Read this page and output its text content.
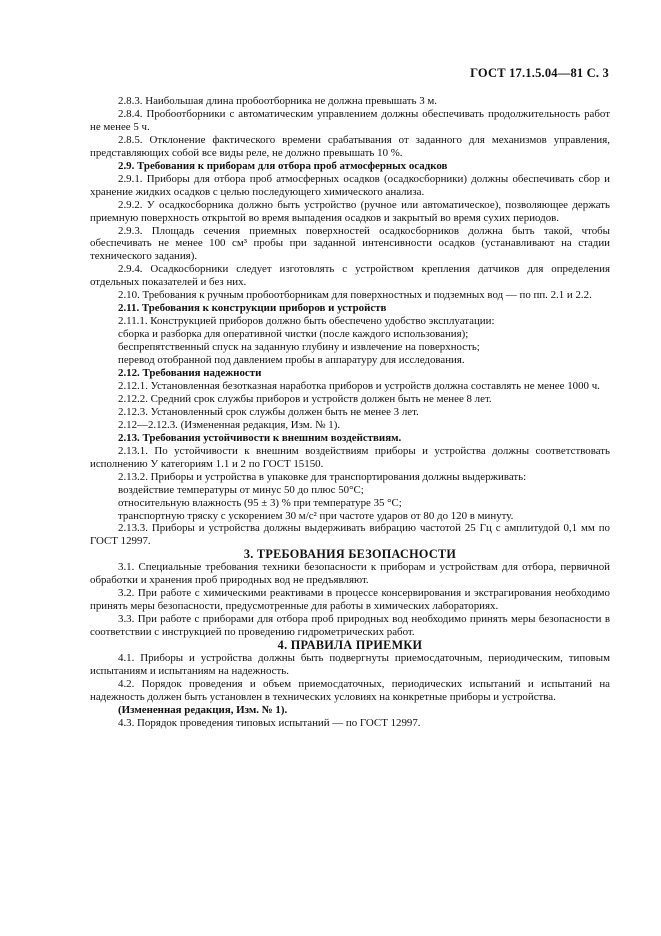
ГОСТ 17.1.5.04—81 С. 3

2.8.3. Наибольшая длина пробоотборника не должна превышать 3 м.

2.8.4. Пробоотборники с автоматическим управлением должны обеспечивать продолжительность работ не менее 5 ч.

2.8.5. Отклонение фактического времени срабатывания от заданного для механизмов управления, представляющих собой все виды реле, не должно превышать 10 %.

2.9. Требования к приборам для отбора проб атмосферных осадков

2.9.1. Приборы для отбора проб атмосферных осадков (осадкосборники) должны обеспечивать сбор и хранение жидких осадков с целью последующего химического анализа.

2.9.2. У осадкосборника должно быть устройство (ручное или автоматическое), позволяющее держать приемную поверхность открытой во время выпадения осадков и закрытый во время сухих периодов.

2.9.3. Площадь сечения приемных поверхностей осадкосборников должна быть такой, чтобы обеспечивать не менее 100 см³ пробы при заданной интенсивности осадков (устанавливают на стадии технического задания).

2.9.4. Осадкосборники следует изготовлять с устройством крепления датчиков для определения отдельных показателей и без них.

2.10. Требования к ручным пробоотборникам для поверхностных и подземных вод — по пп. 2.1 и 2.2.

2.11. Требования к конструкции приборов и устройств

2.11.1. Конструкцией приборов должно быть обеспечено удобство эксплуатации:

сборка и разборка для оперативной чистки (после каждого использования);

беспрепятственный спуск на заданную глубину и извлечение на поверхность;

перевод отобранной под давлением пробы в аппаратуру для исследования.

2.12. Требования надежности

2.12.1. Установленная безотказная наработка приборов и устройств должна составлять не менее 1000 ч.

2.12.2. Средний срок службы приборов и устройств должен быть не менее 8 лет.

2.12.3. Установленный срок службы должен быть не менее 3 лет.

2.12—2.12.3. (Измененная редакция, Изм. № 1).

2.13. Требования устойчивости к внешним воздействиям.

2.13.1. По устойчивости к внешним воздействиям приборы и устройства должны соответствовать исполнению У категориям 1.1 и 2 по ГОСТ 15150.

2.13.2. Приборы и устройства в упаковке для транспортирования должны выдерживать:

воздействие температуры от минус 50 до плюс 50°С;

относительную влажность (95 ± 3) % при температуре 35 °С;

транспортную тряску с ускорением 30 м/с² при частоте ударов от 80 до 120 в минуту.

2.13.3. Приборы и устройства должны выдерживать вибрацию частотой 25 Гц с амплитудой 0,1 мм по ГОСТ 12997.

3. ТРЕБОВАНИЯ БЕЗОПАСНОСТИ

3.1. Специальные требования техники безопасности к приборам и устройствам для отбора, первичной обработки и хранения проб природных вод не предъявляют.

3.2. При работе с химическими реактивами в процессе консервирования и экстрагирования необходимо принять меры безопасности, предусмотренные для работы в химических лабораториях.

3.3. При работе с приборами для отбора проб природных вод необходимо принять меры безопасности в соответствии с инструкцией по проведению гидрометрических работ.

4. ПРАВИЛА ПРИЕМКИ

4.1. Приборы и устройства должны быть подвергнуты приемосдаточным, периодическим, типовым испытаниям и испытаниям на надежность.

4.2. Порядок проведения и объем приемосдаточных, периодических испытаний и испытаний на надежность должен быть установлен в технических условиях на конкретные приборы и устройства.

(Измененная редакция, Изм. № 1).

4.3. Порядок проведения типовых испытаний — по ГОСТ 12997.
